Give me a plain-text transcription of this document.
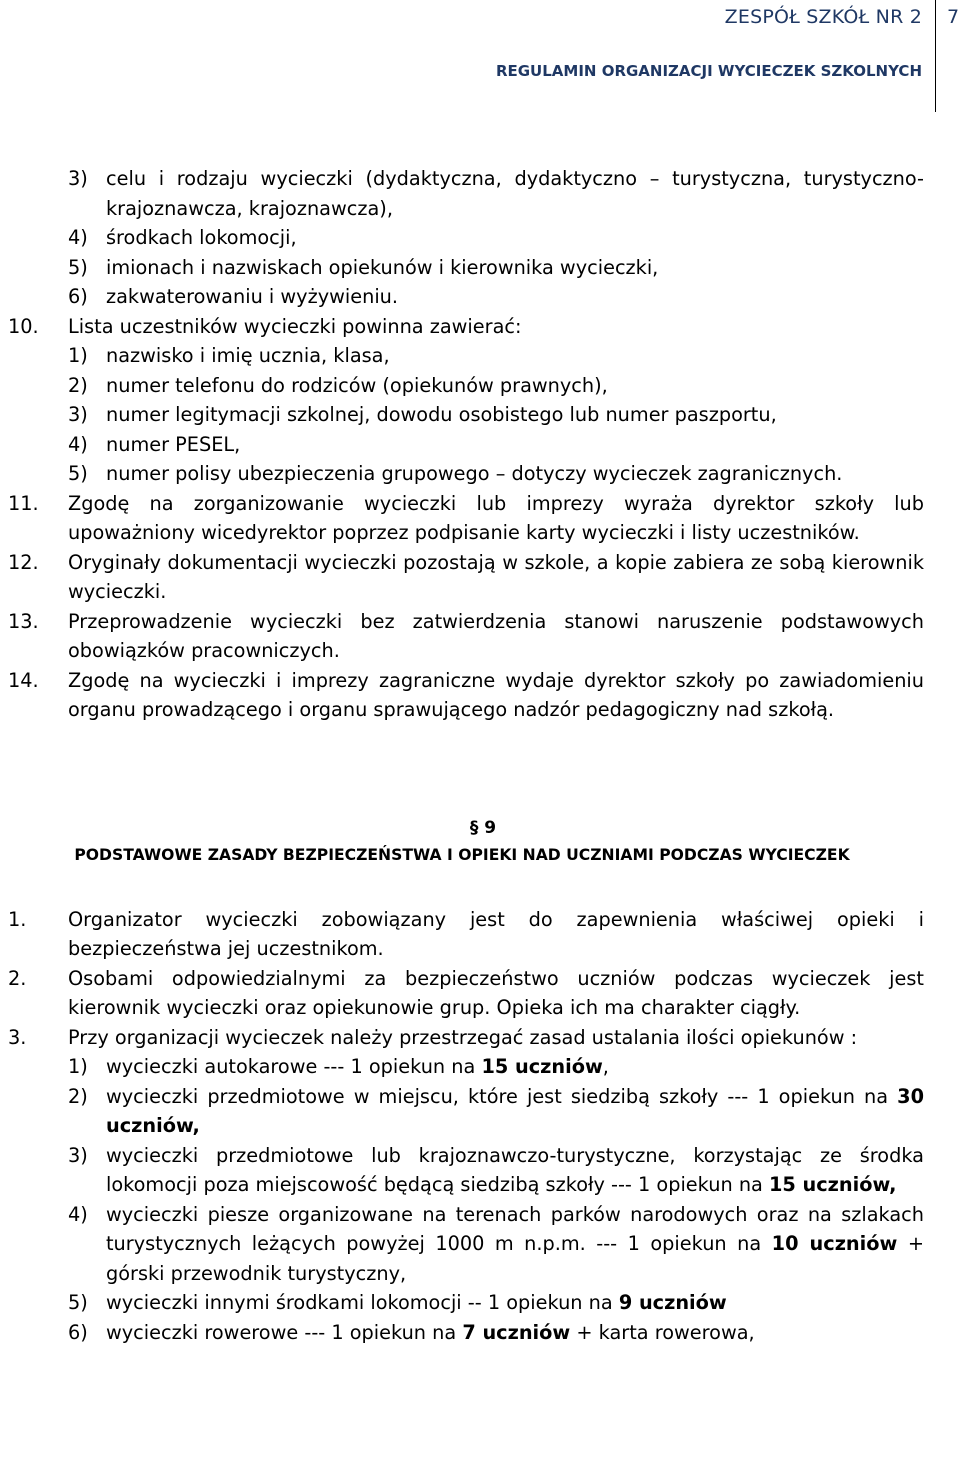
ZESPÓŁ SZKÓŁ NR 2 7
REGULAMIN ORGANIZACJI WYCIECZEK SZKOLNYCH
3) celu i rodzaju wycieczki (dydaktyczna, dydaktyczno – turystyczna, turystyczno- krajoznawcza, krajoznawcza),
4) środkach lokomocji,
5) imionach i nazwiskach opiekunów i kierownika wycieczki,
6) zakwaterowaniu i wyżywieniu.
10. Lista uczestników wycieczki powinna zawierać:
1) nazwisko i imię ucznia, klasa,
2) numer telefonu do rodziców (opiekunów prawnych),
3) numer legitymacji szkolnej, dowodu osobistego lub numer paszportu,
4) numer PESEL,
5) numer polisy ubezpieczenia grupowego – dotyczy wycieczek zagranicznych.
11. Zgodę na zorganizowanie wycieczki lub imprezy wyraża dyrektor szkoły lub upoważniony wicedyrektor poprzez podpisanie karty wycieczki i listy uczestników.
12. Oryginały dokumentacji wycieczki pozostają w szkole, a kopie zabiera ze sobą kierownik wycieczki.
13. Przeprowadzenie wycieczki bez zatwierdzenia stanowi naruszenie podstawowych obowiązków pracowniczych.
14. Zgodę na wycieczki i imprezy zagraniczne wydaje dyrektor szkoły po zawiadomieniu organu prowadzącego i organu sprawującego nadzór pedagogiczny nad szkołą.
§ 9
PODSTAWOWE ZASADY BEZPIECZEŃSTWA I OPIEKI NAD UCZNIAMI PODCZAS WYCIECZEK
1. Organizator wycieczki zobowiązany jest do zapewnienia właściwej opieki i bezpieczeństwa jej uczestnikom.
2. Osobami odpowiedzialnymi za bezpieczeństwo uczniów podczas wycieczek jest kierownik wycieczki oraz opiekunowie grup. Opieka ich ma charakter ciągły.
3. Przy organizacji wycieczek należy przestrzegać zasad ustalania ilości opiekunów :
1) wycieczki autokarowe --- 1 opiekun na 15 uczniów,
2) wycieczki przedmiotowe w miejscu, które jest siedzibą szkoły --- 1 opiekun na 30 uczniów,
3) wycieczki przedmiotowe lub krajoznawczo-turystyczne, korzystając ze środka lokomocji poza miejscowość będącą siedzibą szkoły --- 1 opiekun na 15 uczniów,
4) wycieczki piesze organizowane na terenach parków narodowych oraz na szlakach turystycznych leżących powyżej 1000 m n.p.m. --- 1 opiekun na 10 uczniów + górski przewodnik turystyczny,
5) wycieczki innymi środkami lokomocji -- 1 opiekun na 9 uczniów
6) wycieczki rowerowe --- 1 opiekun na 7 uczniów + karta rowerowa,
